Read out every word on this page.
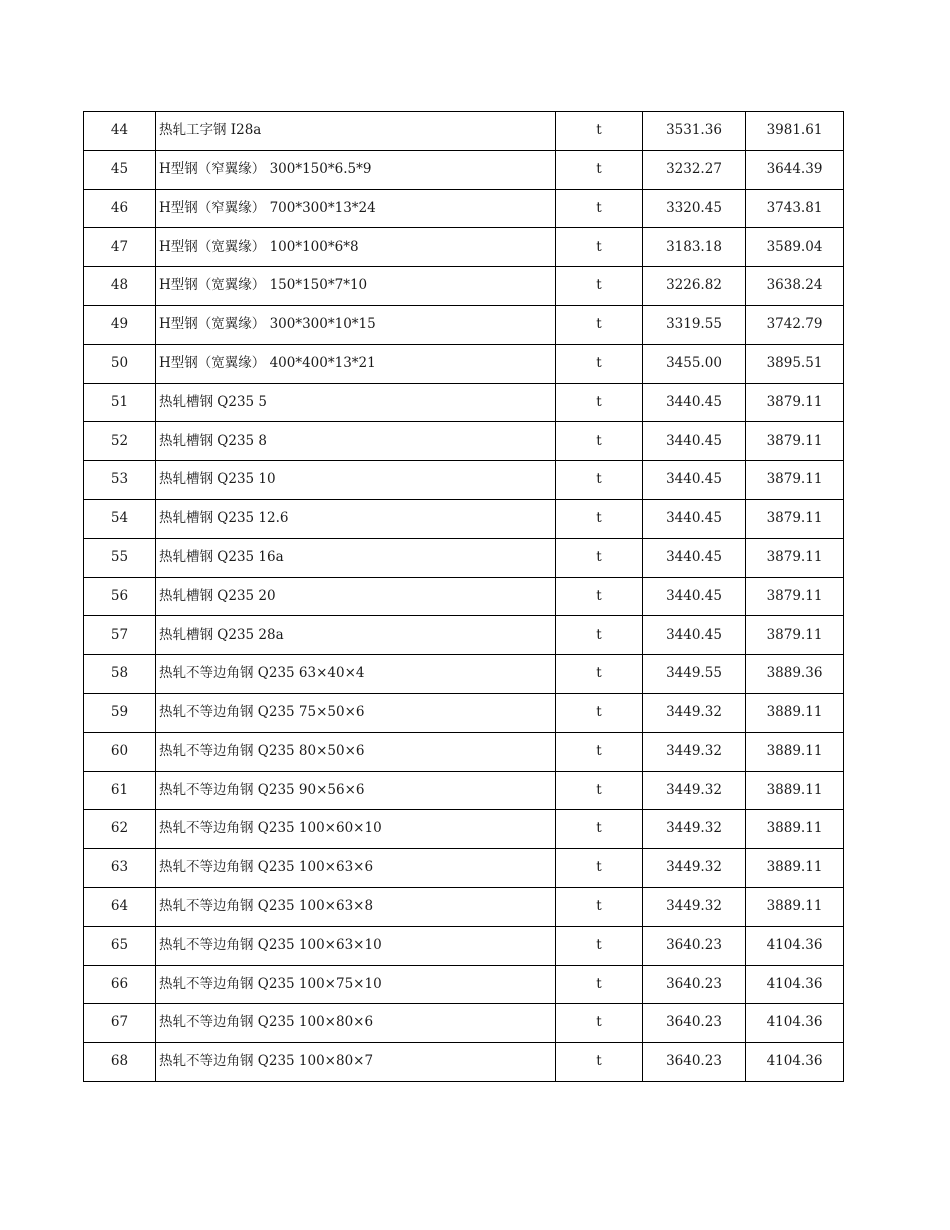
44	热轧工字钢 I28a	t	3531.36	3981.61
45	H型钢（窄翼缘） 300*150*6.5*9	t	3232.27	3644.39
46	H型钢（窄翼缘） 700*300*13*24	t	3320.45	3743.81
47	H型钢（宽翼缘） 100*100*6*8	t	3183.18	3589.04
48	H型钢（宽翼缘） 150*150*7*10	t	3226.82	3638.24
49	H型钢（宽翼缘） 300*300*10*15	t	3319.55	3742.79
50	H型钢（宽翼缘） 400*400*13*21	t	3455.00	3895.51
51	热轧槽钢 Q235 5	t	3440.45	3879.11
52	热轧槽钢 Q235 8	t	3440.45	3879.11
53	热轧槽钢 Q235 10	t	3440.45	3879.11
54	热轧槽钢 Q235 12.6	t	3440.45	3879.11
55	热轧槽钢 Q235 16a	t	3440.45	3879.11
56	热轧槽钢 Q235 20	t	3440.45	3879.11
57	热轧槽钢 Q235 28a	t	3440.45	3879.11
58	热轧不等边角钢 Q235 63×40×4	t	3449.55	3889.36
59	热轧不等边角钢 Q235 75×50×6	t	3449.32	3889.11
60	热轧不等边角钢 Q235 80×50×6	t	3449.32	3889.11
61	热轧不等边角钢 Q235 90×56×6	t	3449.32	3889.11
62	热轧不等边角钢 Q235 100×60×10	t	3449.32	3889.11
63	热轧不等边角钢 Q235 100×63×6	t	3449.32	3889.11
64	热轧不等边角钢 Q235 100×63×8	t	3449.32	3889.11
65	热轧不等边角钢 Q235 100×63×10	t	3640.23	4104.36
66	热轧不等边角钢 Q235 100×75×10	t	3640.23	4104.36
67	热轧不等边角钢 Q235 100×80×6	t	3640.23	4104.36
68	热轧不等边角钢 Q235 100×80×7	t	3640.23	4104.36
